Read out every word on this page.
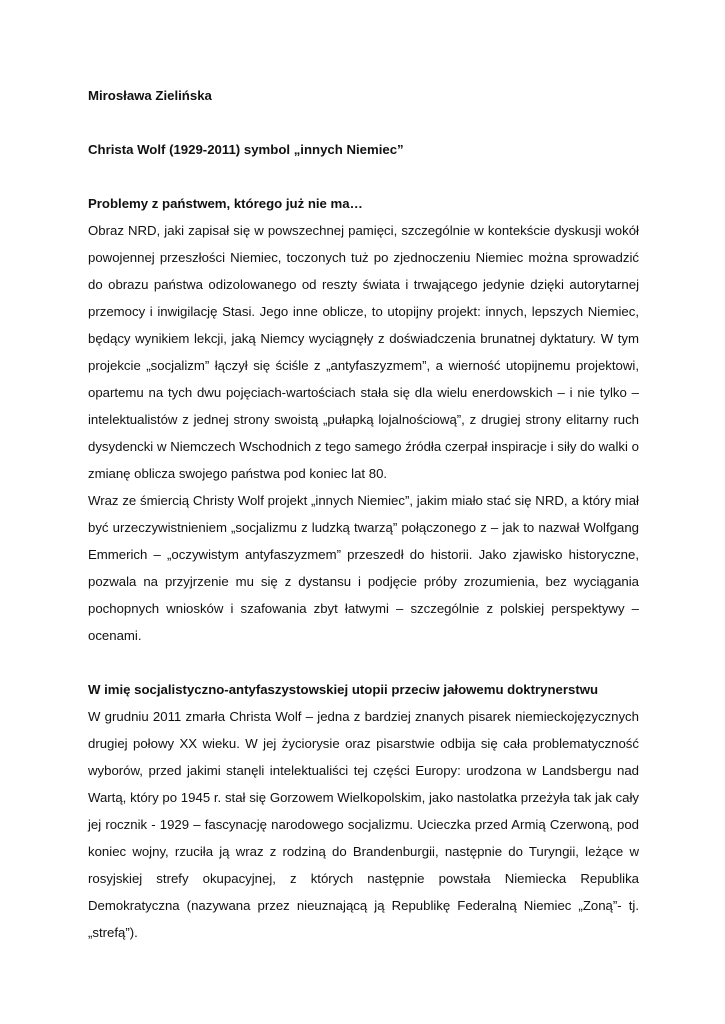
Mirosława Zielińska

Christa Wolf (1929-2011) symbol „innych Niemiec”

Problemy z państwem, którego już nie ma…

Obraz NRD, jaki zapisał się w powszechnej pamięci, szczególnie w kontekście dyskusji wokół powojennej przeszłości Niemiec, toczonych tuż po zjednoczeniu Niemiec można sprowadzić do obrazu państwa odizolowanego od reszty świata i trwającego jedynie dzięki autorytarnej przemocy i inwigilację Stasi. Jego inne oblicze, to utopijny projekt: innych, lepszych Niemiec, będący wynikiem lekcji, jaką Niemcy wyciągnęły z doświadczenia brunatnej dyktatury. W tym projekcie „socjalizm” łączył się ściśle z „antyfaszyzmem”, a wierność utopijnemu projektowi, opartemu na tych dwu pojęciach-wartościach stała się dla wielu enerdowskich – i nie tylko – intelektualistów z jednej strony swoistą „pułapką lojalnościową”, z drugiej strony elitarny ruch dysydencki w Niemczech Wschodnich z tego samego źródła czerpał inspiracje i siły do walki o zmianę oblicza swojego państwa pod koniec lat 80.

Wraz ze śmiercią Christy Wolf projekt „innych Niemiec”, jakim miało stać się NRD, a który miał być urzeczywistnieniem „socjalizmu z ludzką twarzą” połączonego z – jak to nazwał Wolfgang Emmerich – „oczywistym antyfaszyzmem” przeszedł do historii. Jako zjawisko historyczne, pozwala na przyjrzenie mu się z dystansu i podjęcie próby zrozumienia, bez wyciągania pochopnych wniosków i szafowania zbyt łatwymi – szczególnie z polskiej perspektywy – ocenami.

W imię socjalistyczno-antyfaszystowskiej utopii przeciw jałowemu doktrynerstwu

W grudniu 2011 zmarła Christa Wolf – jedna z bardziej znanych pisarek niemieckojęzycznych drugiej połowy XX wieku. W jej życiorysie oraz pisarstwie odbija się cała problematyczność wyborów, przed jakimi stanęli intelektualiści tej części Europy: urodzona w Landsbergu nad Wartą, który po 1945 r. stał się Gorzowem Wielkopolskim, jako nastolatka przeżyła tak jak cały jej rocznik - 1929 – fascynację narodowego socjalizmu. Ucieczka przed Armią Czerwoną, pod koniec wojny, rzuciła ją wraz z rodziną do Brandenburgii, następnie do Turyngii, leżące w rosyjskiej strefy okupacyjnej, z których następnie powstała Niemiecka Republika Demokratyczna (nazywana przez nieuznającą ją Republikę Federalną Niemiec „Zoną”- tj. „strefą”).
